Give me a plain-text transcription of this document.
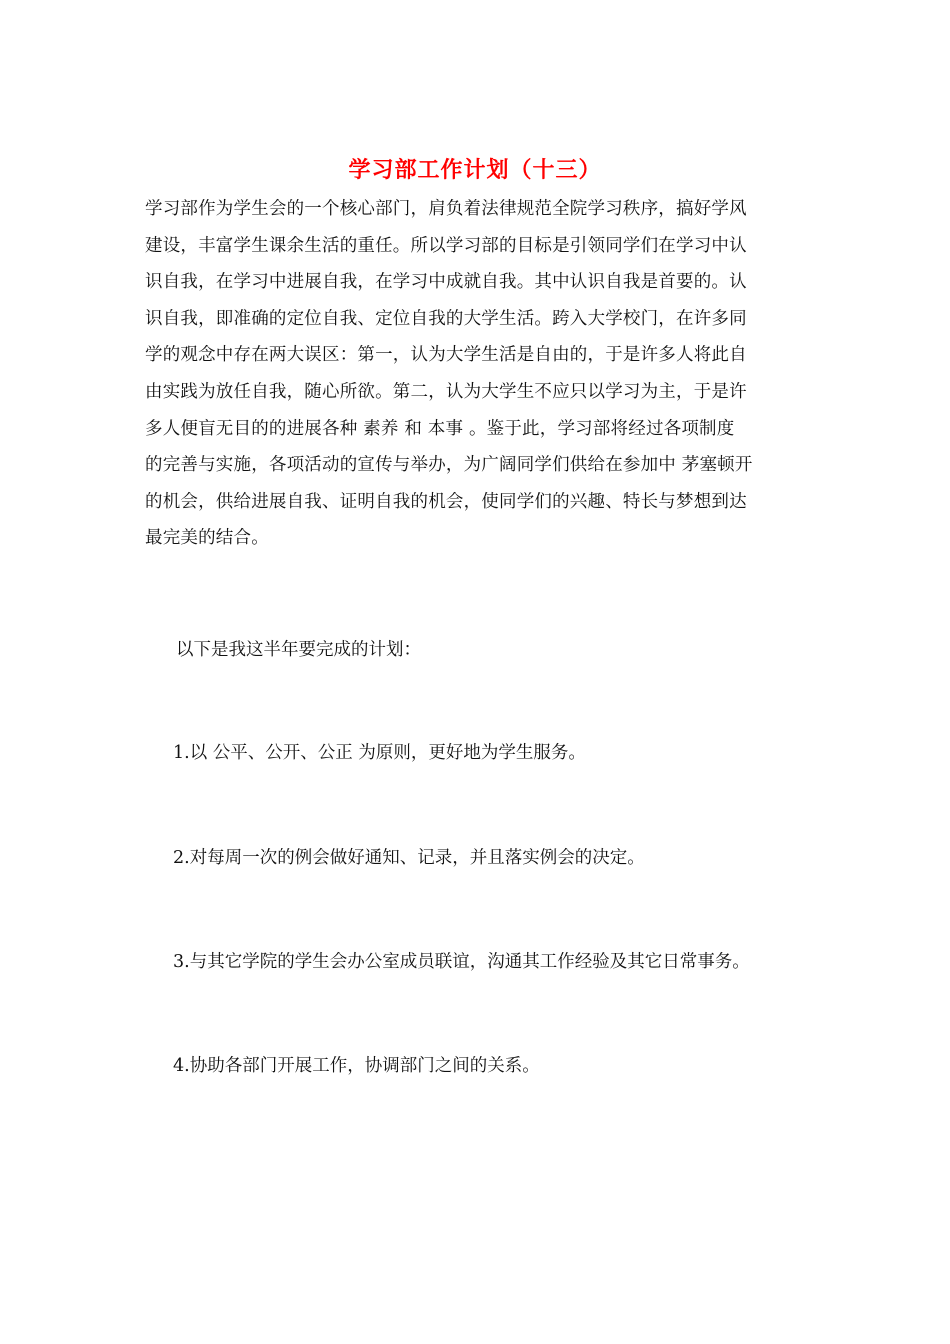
学习部工作计划（十三）
学习部作为学生会的一个核心部门，肩负着法律规范全院学习秩序，搞好学风
建设，丰富学生课余生活的重任。所以学习部的目标是引领同学们在学习中认
识自我，在学习中进展自我，在学习中成就自我。其中认识自我是首要的。认
识自我，即准确的定位自我、定位自我的大学生活。跨入大学校门，在许多同
学的观念中存在两大误区：第一，认为大学生活是自由的，于是许多人将此自
由实践为放任自我，随心所欲。第二，认为大学生不应只以学习为主，于是许
多人便盲无目的的进展各种 素养 和 本事 。鉴于此，学习部将经过各项制度
的完善与实施，各项活动的宣传与举办，为广阔同学们供给在参加中 茅塞顿开
的机会，供给进展自我、证明自我的机会，使同学们的兴趣、特长与梦想到达
最完美的结合。
以下是我这半年要完成的计划：
1.以 公平、公开、公正 为原则，更好地为学生服务。
2.对每周一次的例会做好通知、记录，并且落实例会的决定。
3.与其它学院的学生会办公室成员联谊，沟通其工作经验及其它日常事务。
4.协助各部门开展工作，协调部门之间的关系。
